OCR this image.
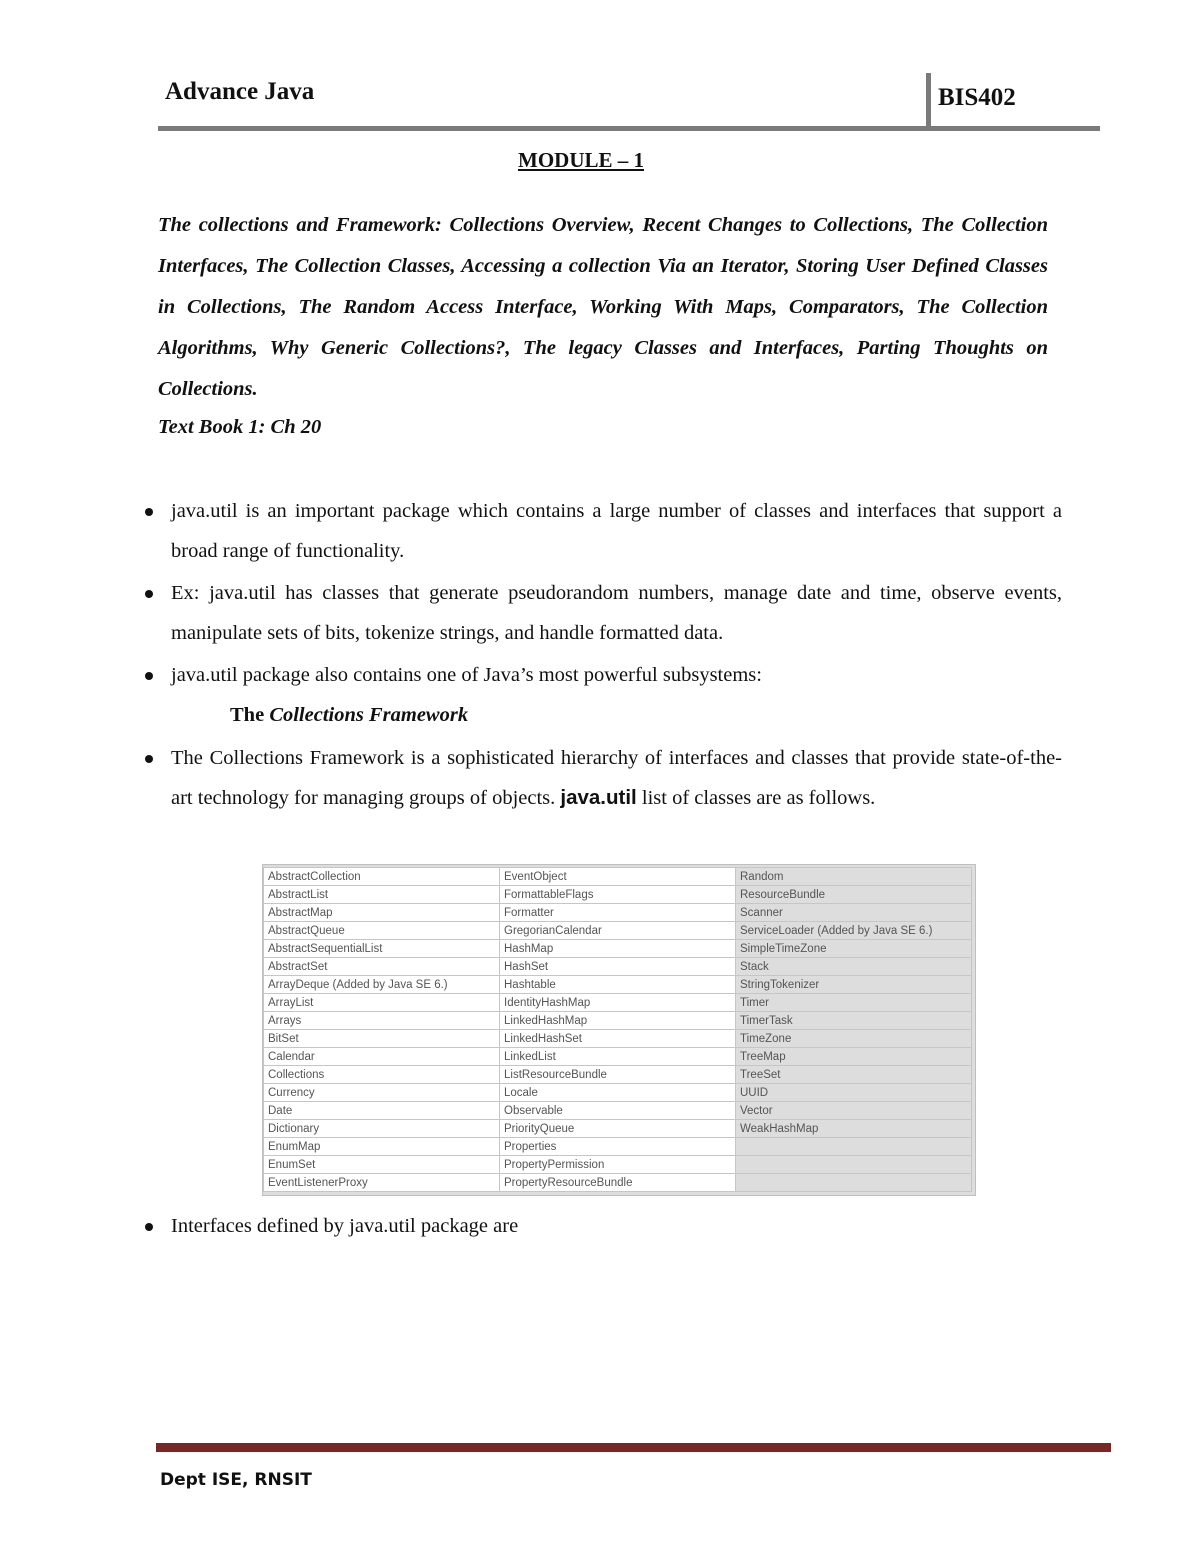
Advance Java	BIS402
MODULE – 1
The collections and Framework: Collections Overview, Recent Changes to Collections, The Collection Interfaces, The Collection Classes, Accessing a collection Via an Iterator, Storing User Defined Classes in Collections, The Random Access Interface, Working With Maps, Comparators, The Collection Algorithms, Why Generic Collections?, The legacy Classes and Interfaces, Parting Thoughts on Collections.
Text Book 1: Ch 20
java.util is an important package which contains a large number of classes and interfaces that support a broad range of functionality.
Ex: java.util has classes that generate pseudorandom numbers, manage date and time, observe events, manipulate sets of bits, tokenize strings, and handle formatted data.
java.util package also contains one of Java’s most powerful subsystems:
The Collections Framework
The Collections Framework is a sophisticated hierarchy of interfaces and classes that provide state-of-the-art technology for managing groups of objects. java.util list of classes are as follows.
AbstractCollection	EventObject	Random
AbstractList	FormattableFlags	ResourceBundle
AbstractMap	Formatter	Scanner
AbstractQueue	GregorianCalendar	ServiceLoader (Added by Java SE 6.)
AbstractSequentialList	HashMap	SimpleTimeZone
AbstractSet	HashSet	Stack
ArrayDeque (Added by Java SE 6.)	Hashtable	StringTokenizer
ArrayList	IdentityHashMap	Timer
Arrays	LinkedHashMap	TimerTask
BitSet	LinkedHashSet	TimeZone
Calendar	LinkedList	TreeMap
Collections	ListResourceBundle	TreeSet
Currency	Locale	UUID
Date	Observable	Vector
Dictionary	PriorityQueue	WeakHashMap
EnumMap	Properties	
EnumSet	PropertyPermission	
EventListenerProxy	PropertyResourceBundle	
Interfaces defined by java.util package are
Dept ISE, RNSIT
